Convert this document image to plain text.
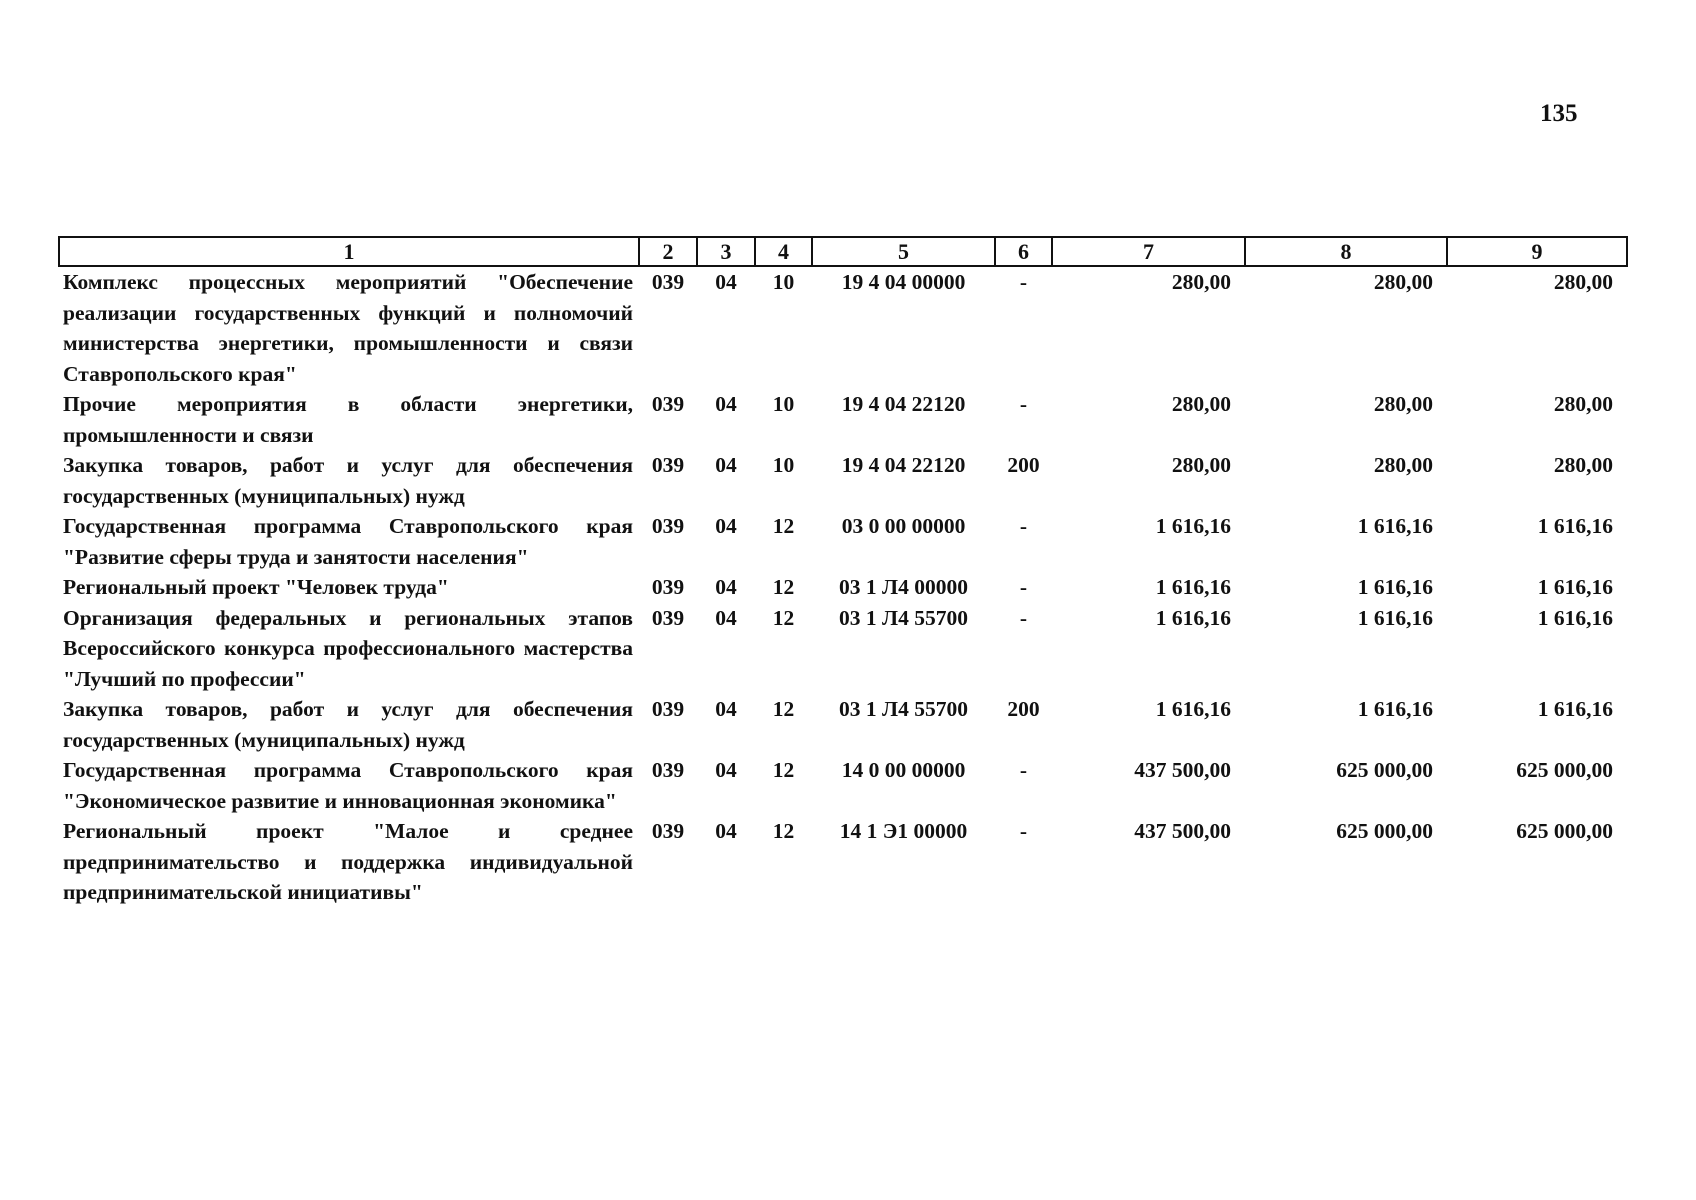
135
1	2	3	4	5	6	7	8	9
Комплекс процессных мероприятий "Обеспечение реализации государственных функций и полномочий министерства энергетики, промышленности и связи Ставропольского края"	039	04	10	19 4 04 00000	-	280,00	280,00	280,00
Прочие мероприятия в области энергетики, промышленности и связи	039	04	10	19 4 04 22120	-	280,00	280,00	280,00
Закупка товаров, работ и услуг для обеспечения государственных (муниципальных) нужд	039	04	10	19 4 04 22120	200	280,00	280,00	280,00
Государственная программа Ставропольского края "Развитие сферы труда и занятости населения"	039	04	12	03 0 00 00000	-	1 616,16	1 616,16	1 616,16
Региональный проект "Человек труда"	039	04	12	03 1 Л4 00000	-	1 616,16	1 616,16	1 616,16
Организация федеральных и региональных этапов Всероссийского конкурса профессионального мастерства "Лучший по профессии"	039	04	12	03 1 Л4 55700	-	1 616,16	1 616,16	1 616,16
Закупка товаров, работ и услуг для обеспечения государственных (муниципальных) нужд	039	04	12	03 1 Л4 55700	200	1 616,16	1 616,16	1 616,16
Государственная программа Ставропольского края "Экономическое развитие и инновационная экономика"	039	04	12	14 0 00 00000	-	437 500,00	625 000,00	625 000,00
Региональный проект "Малое и среднее предпринимательство и поддержка индивидуальной предпринимательской инициативы"	039	04	12	14 1 Э1 00000	-	437 500,00	625 000,00	625 000,00
